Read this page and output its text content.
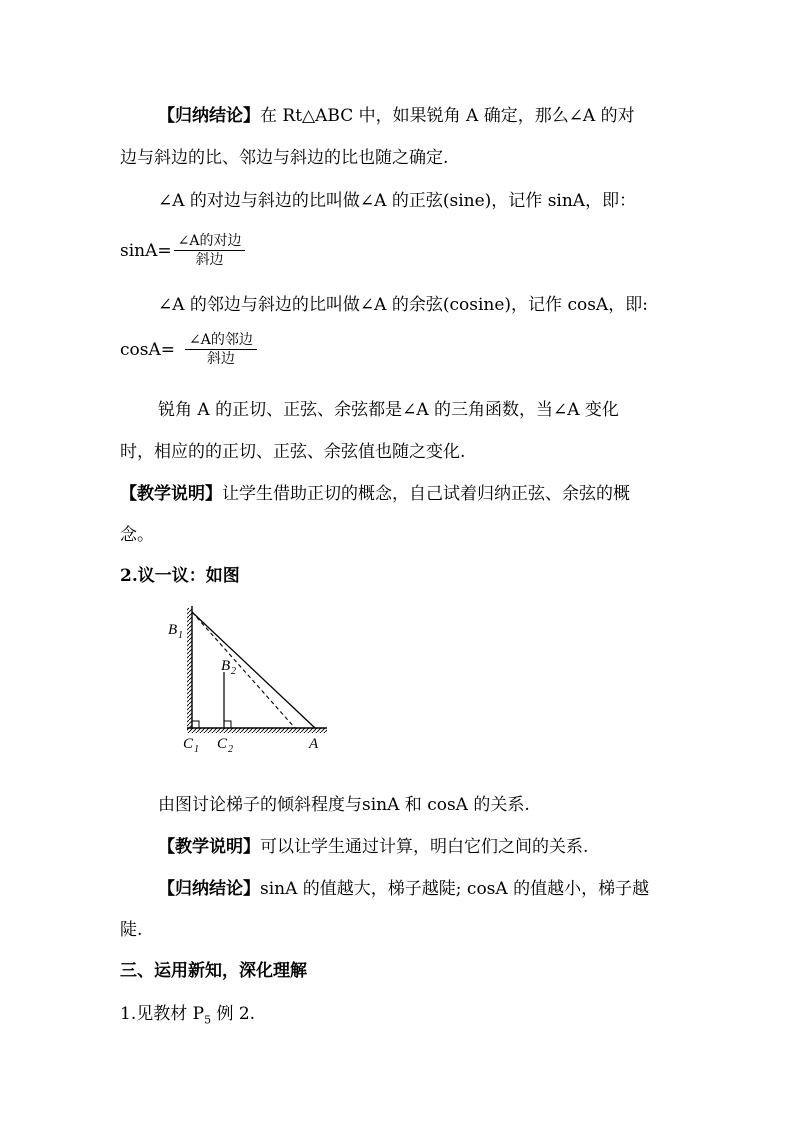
【归纳结论】在 Rt△ABC 中，如果锐角 A 确定，那么∠A 的对
边与斜边的比、邻边与斜边的比也随之确定.
∠A 的对边与斜边的比叫做∠A 的正弦(sine)，记作 sinA，即：
$\sin A= \frac{\text{∠A的对边}}{\text{斜边}}$
∠A 的邻边与斜边的比叫做∠A 的余弦(cosine)，记作 cosA，即:
$\cos A= \frac{\text{∠A的邻边}}{\text{斜边}}$
锐角 A 的正切、正弦、余弦都是∠A 的三角函数，当∠A 变化
时，相应的的正切、正弦、余弦值也随之变化.
【教学说明】让学生借助正切的概念，自己试着归纳正弦、余弦的概
念。
2.议一议：如图
B 1
B 2
C 1 C 2	A
由图讨论梯子的倾斜程度与sinA 和 cosA 的关系.
【教学说明】可以让学生通过计算，明白它们之间的关系.
【归纳结论】sinA 的值越大，梯子越陡; cosA 的值越小，梯子越
陡.
三、运用新知，深化理解
1.见教材 $P_5$ 例 2.
